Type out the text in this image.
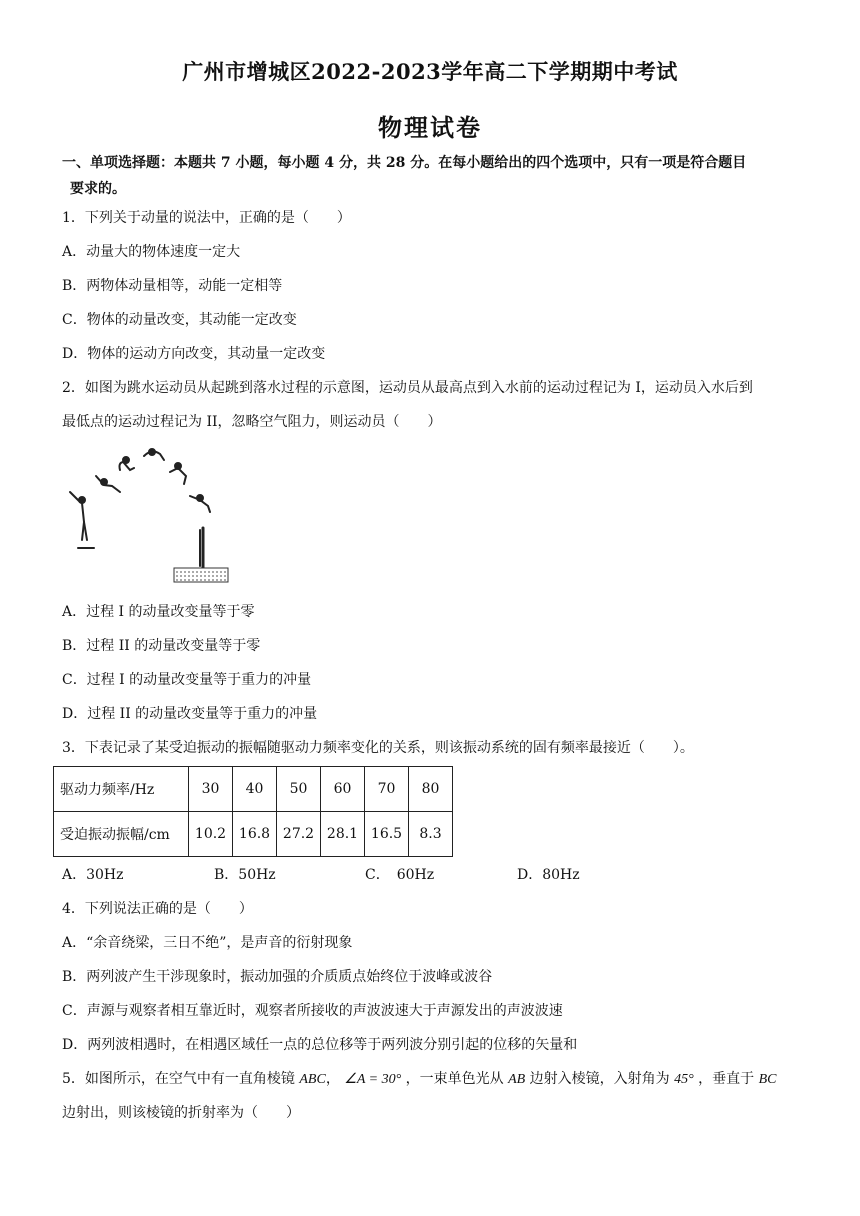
广州市增城区2022-2023学年高二下学期期中考试
物理试卷
一、单项选择题：本题共 7 小题，每小题 4 分，共 28 分。在每小题给出的四个选项中，只有一项是符合题目
要求的。
1．下列关于动量的说法中，正确的是（　　）
A．动量大的物体速度一定大
B．两物体动量相等，动能一定相等
C．物体的动量改变，其动能一定改变
D．物体的运动方向改变，其动量一定改变
2．如图为跳水运动员从起跳到落水过程的示意图，运动员从最高点到入水前的运动过程记为 I，运动员入水后到
最低点的运动过程记为 II，忽略空气阻力，则运动员（　　）
A．过程 I 的动量改变量等于零
B．过程 II 的动量改变量等于零
C．过程 I 的动量改变量等于重力的冲量
D．过程 II 的动量改变量等于重力的冲量
3．下表记录了某受迫振动的振幅随驱动力频率变化的关系，则该振动系统的固有频率最接近（　　）。
驱动力频率/Hz	30	40	50	60	70	80
受迫振动振幅/cm	10.2	16.8	27.2	28.1	16.5	8.3
A．30Hz	B．50Hz	C．　60Hz	D．80Hz
4．下列说法正确的是（　　）
A．“余音绕梁，三日不绝”，是声音的衍射现象
B．两列波产生干涉现象时，振动加强的介质质点始终位于波峰或波谷
C．声源与观察者相互靠近时，观察者所接收的声波波速大于声源发出的声波波速
D．两列波相遇时，在相遇区域任一点的总位移等于两列波分别引起的位移的矢量和
5．如图所示，在空气中有一直角棱镜 ABC， ∠A = 30° ，一束单色光从 AB 边射入棱镜，入射角为 45° ，垂直于 BC
边射出，则该棱镜的折射率为（　　）
